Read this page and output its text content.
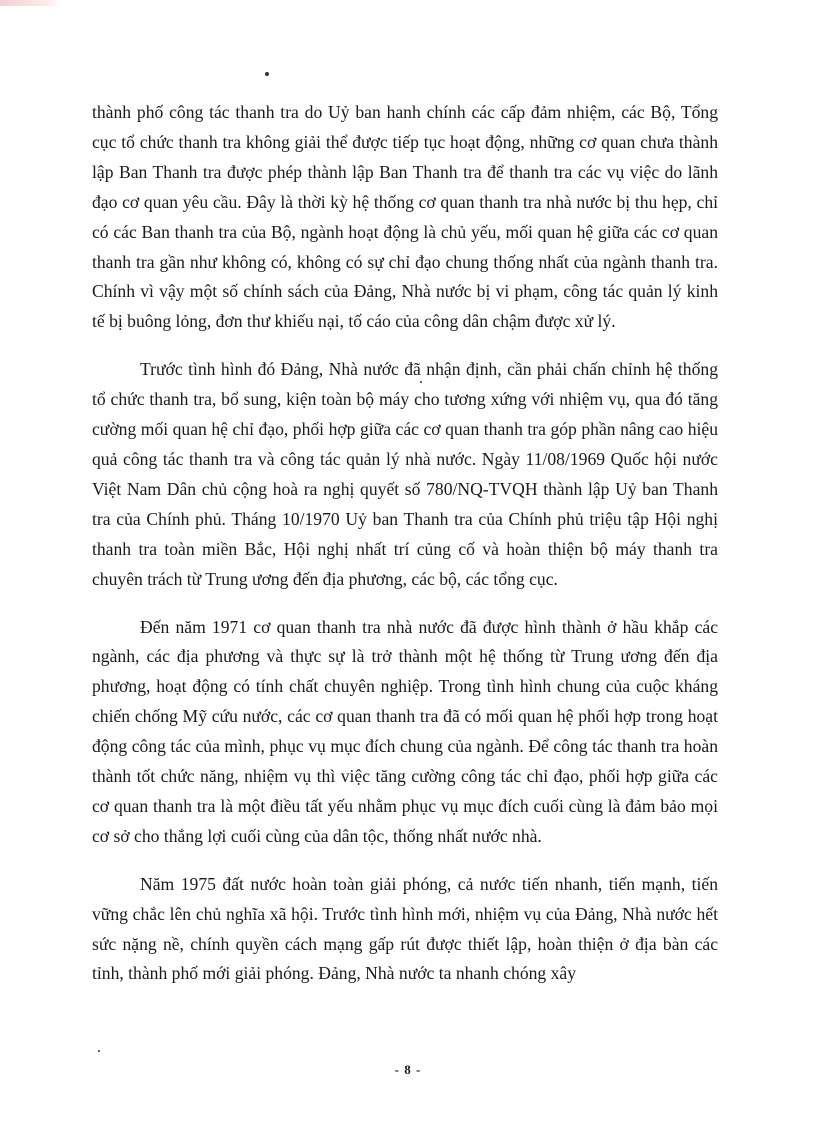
thành phố công tác thanh tra do Uỷ ban hanh chính các cấp đảm nhiệm, các Bộ, Tổng cục tổ chức thanh tra không giải thể được tiếp tục hoạt động, những cơ quan chưa thành lập Ban Thanh tra được phép thành lập Ban Thanh tra để thanh tra các vụ việc do lãnh đạo cơ quan yêu cầu. Đây là thời kỳ hệ thống cơ quan thanh tra nhà nước bị thu hẹp, chỉ có các Ban thanh tra của Bộ, ngành hoạt động là chủ yếu, mối quan hệ giữa các cơ quan thanh tra gần như không có, không có sự chỉ đạo chung thống nhất của ngành thanh tra. Chính vì vậy một số chính sách của Đảng, Nhà nước bị vi phạm, công tác quản lý kinh tế bị buông lỏng, đơn thư khiếu nại, tố cáo của công dân chậm được xử lý.

Trước tình hình đó Đảng, Nhà nước đã nhận định, cần phải chấn chỉnh hệ thống tổ chức thanh tra, bổ sung, kiện toàn bộ máy cho tương xứng với nhiệm vụ, qua đó tăng cường mối quan hệ chỉ đạo, phối hợp giữa các cơ quan thanh tra góp phần nâng cao hiệu quả công tác thanh tra và công tác quản lý nhà nước. Ngày 11/08/1969 Quốc hội nước Việt Nam Dân chủ cộng hoà ra nghị quyết số 780/NQ-TVQH thành lập Uỷ ban Thanh tra của Chính phủ. Tháng 10/1970 Uỷ ban Thanh tra của Chính phủ triệu tập Hội nghị thanh tra toàn miền Bắc, Hội nghị nhất trí củng cố và hoàn thiện bộ máy thanh tra chuyên trách từ Trung ương đến địa phương, các bộ, các tổng cục.

Đến năm 1971 cơ quan thanh tra nhà nước đã được hình thành ở hầu khắp các ngành, các địa phương và thực sự là trở thành một hệ thống từ Trung ương đến địa phương, hoạt động có tính chất chuyên nghiệp. Trong tình hình chung của cuộc kháng chiến chống Mỹ cứu nước, các cơ quan thanh tra đã có mối quan hệ phối hợp trong hoạt động công tác của mình, phục vụ mục đích chung của ngành. Để công tác thanh tra hoàn thành tốt chức năng, nhiệm vụ thì việc tăng cường công tác chỉ đạo, phối hợp giữa các cơ quan thanh tra là một điều tất yếu nhằm phục vụ mục đích cuối cùng là đảm bảo mọi cơ sở cho thắng lợi cuối cùng của dân tộc, thống nhất nước nhà.

Năm 1975 đất nước hoàn toàn giải phóng, cả nước tiến nhanh, tiến mạnh, tiến vững chắc lên chủ nghĩa xã hội. Trước tình hình mới, nhiệm vụ của Đảng, Nhà nước hết sức nặng nề, chính quyền cách mạng gấp rút được thiết lập, hoàn thiện ở địa bàn các tỉnh, thành phố mới giải phóng. Đảng, Nhà nước ta nhanh chóng xây

- 8 -
